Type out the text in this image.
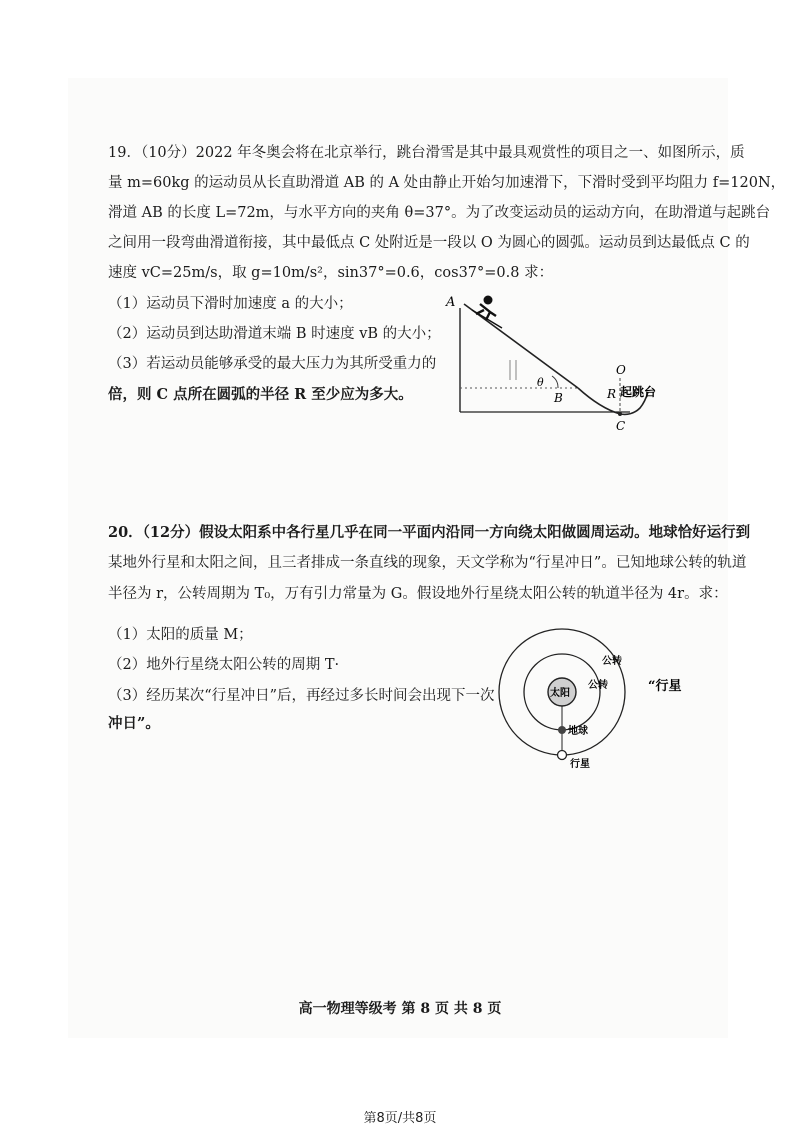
19．（10分）2022 年冬奥会将在北京举行，跳台滑雪是其中最具观赏性的项目之一、如图所示，质
量 m=60kg 的运动员从长直助滑道 AB 的 A 处由静止开始匀加速滑下，下滑时受到平均阻力 f=120N，
滑道 AB 的长度 L=72m，与水平方向的夹角 θ=37°。为了改变运动员的运动方向，在助滑道与起跳台
之间用一段弯曲滑道衔接，其中最低点 C 处附近是一段以 O 为圆心的圆弧。运动员到达最低点 C 的
速度 vC=25m/s，取 g=10m/s²，sin37°=0.6，cos37°=0.8 求：
（1）运动员下滑时加速度 a 的大小；
（2）运动员到达助滑道末端 B 时速度 vB 的大小；
（3）若运动员能够承受的最大压力为其所受重力的
倍，则 C 点所在圆弧的半径 R 至少应为多大。
A
B
θ
O
R
C
起跳台
20．（12分）假设太阳系中各行星几乎在同一平面内沿同一方向绕太阳做圆周运动。地球恰好运行到
某地外行星和太阳之间，且三者排成一条直线的现象，天文学称为“行星冲日”。已知地球公转的轨道
半径为 r，公转周期为 T₀，万有引力常量为 G。假设地外行星绕太阳公转的轨道半径为 4r。求：
（1）太阳的质量 M；
（2）地外行星绕太阳公转的周期 T·
（3）经历某次“行星冲日”后，再经过多长时间会出现下一次
冲日”。
太阳
地球
行星
公转
公转	“行星
高一物理等级考 第 8 页 共 8 页
第8页/共8页
